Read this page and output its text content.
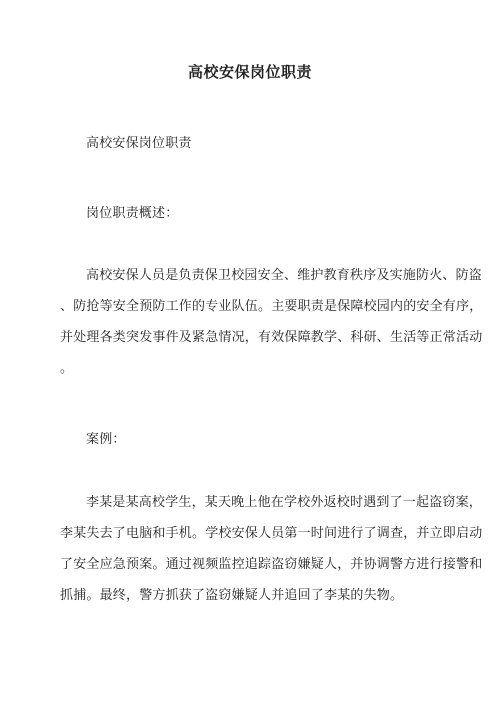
高校安保岗位职责
高校安保岗位职责
岗位职责概述：
高校安保人员是负责保卫校园安全、维护教育秩序及实施防火、防盗
、防抢等安全预防工作的专业队伍。主要职责是保障校园内的安全有序，
并处理各类突发事件及紧急情况，有效保障教学、科研、生活等正常活动
。
案例：
李某是某高校学生，某天晚上他在学校外返校时遇到了一起盗窃案，
李某失去了电脑和手机。学校安保人员第一时间进行了调查，并立即启动
了安全应急预案。通过视频监控追踪盗窃嫌疑人，并协调警方进行接警和
抓捕。最终，警方抓获了盗窃嫌疑人并追回了李某的失物。
